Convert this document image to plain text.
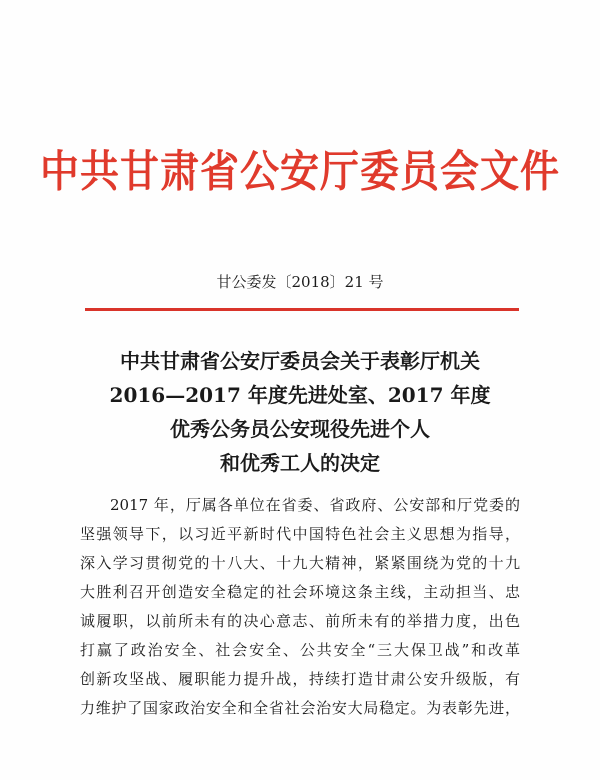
中共甘肃省公安厅委员会文件
甘公委发〔2018〕21 号
中共甘肃省公安厅委员会关于表彰厅机关
2016—2017 年度先进处室、2017 年度
优秀公务员公安现役先进个人
和优秀工人的决定
2017 年，厅属各单位在省委、省政府、公安部和厅党委的
坚强领导下，以习近平新时代中国特色社会主义思想为指导，
深入学习贯彻党的十八大、十九大精神，紧紧围绕为党的十九
大胜利召开创造安全稳定的社会环境这条主线，主动担当、忠
诚履职，以前所未有的决心意志、前所未有的举措力度，出色
打赢了政治安全、社会安全、公共安全“三大保卫战”和改革
创新攻坚战、履职能力提升战，持续打造甘肃公安升级版，有
力维护了国家政治安全和全省社会治安大局稳定。为表彰先进，
